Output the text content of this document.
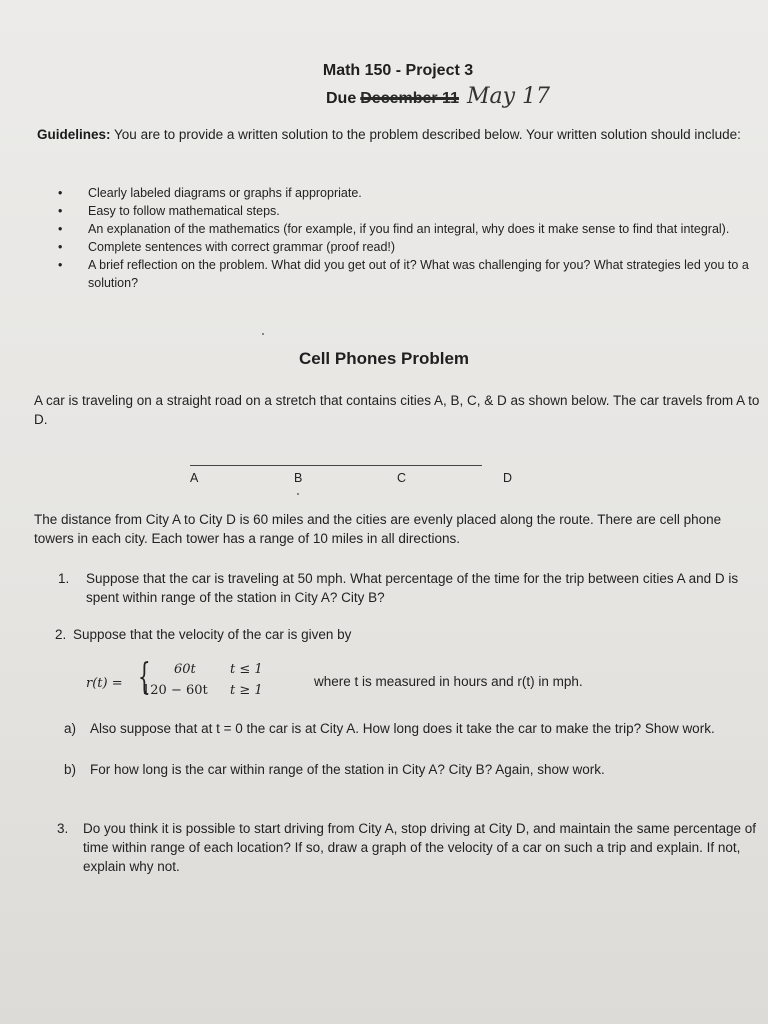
Math 150 - Project 3
Due December 11 May 17
Guidelines: You are to provide a written solution to the problem described below. Your written solution should include:
• Clearly labeled diagrams or graphs if appropriate.
• Easy to follow mathematical steps.
• An explanation of the mathematics (for example, if you find an integral, why does it make sense to find that integral).
• Complete sentences with correct grammar (proof read!)
• A brief reflection on the problem. What did you get out of it? What was challenging for you? What strategies led you to a solution?
Cell Phones Problem
A car is traveling on a straight road on a stretch that contains cities A, B, C, & D as shown below. The car travels from A to D.
A	B	C	D
The distance from City A to City D is 60 miles and the cities are evenly placed along the route. There are cell phone towers in each city. Each tower has a range of 10 miles in all directions.
1. Suppose that the car is traveling at 50 mph. What percentage of the time for the trip between cities A and D is spent within range of the station in City A? City B?
2. Suppose that the velocity of the car is given by
r(t) = { 60t	t ≤ 1
120 − 60t t ≥ 1
where t is measured in hours and r(t) in mph.
a) Also suppose that at t = 0 the car is at City A. How long does it take the car to make the trip? Show work.
b) For how long is the car within range of the station in City A? City B? Again, show work.
3. Do you think it is possible to start driving from City A, stop driving at City D, and maintain the same percentage of time within range of each location? If so, draw a graph of the velocity of a car on such a trip and explain. If not, explain why not.
